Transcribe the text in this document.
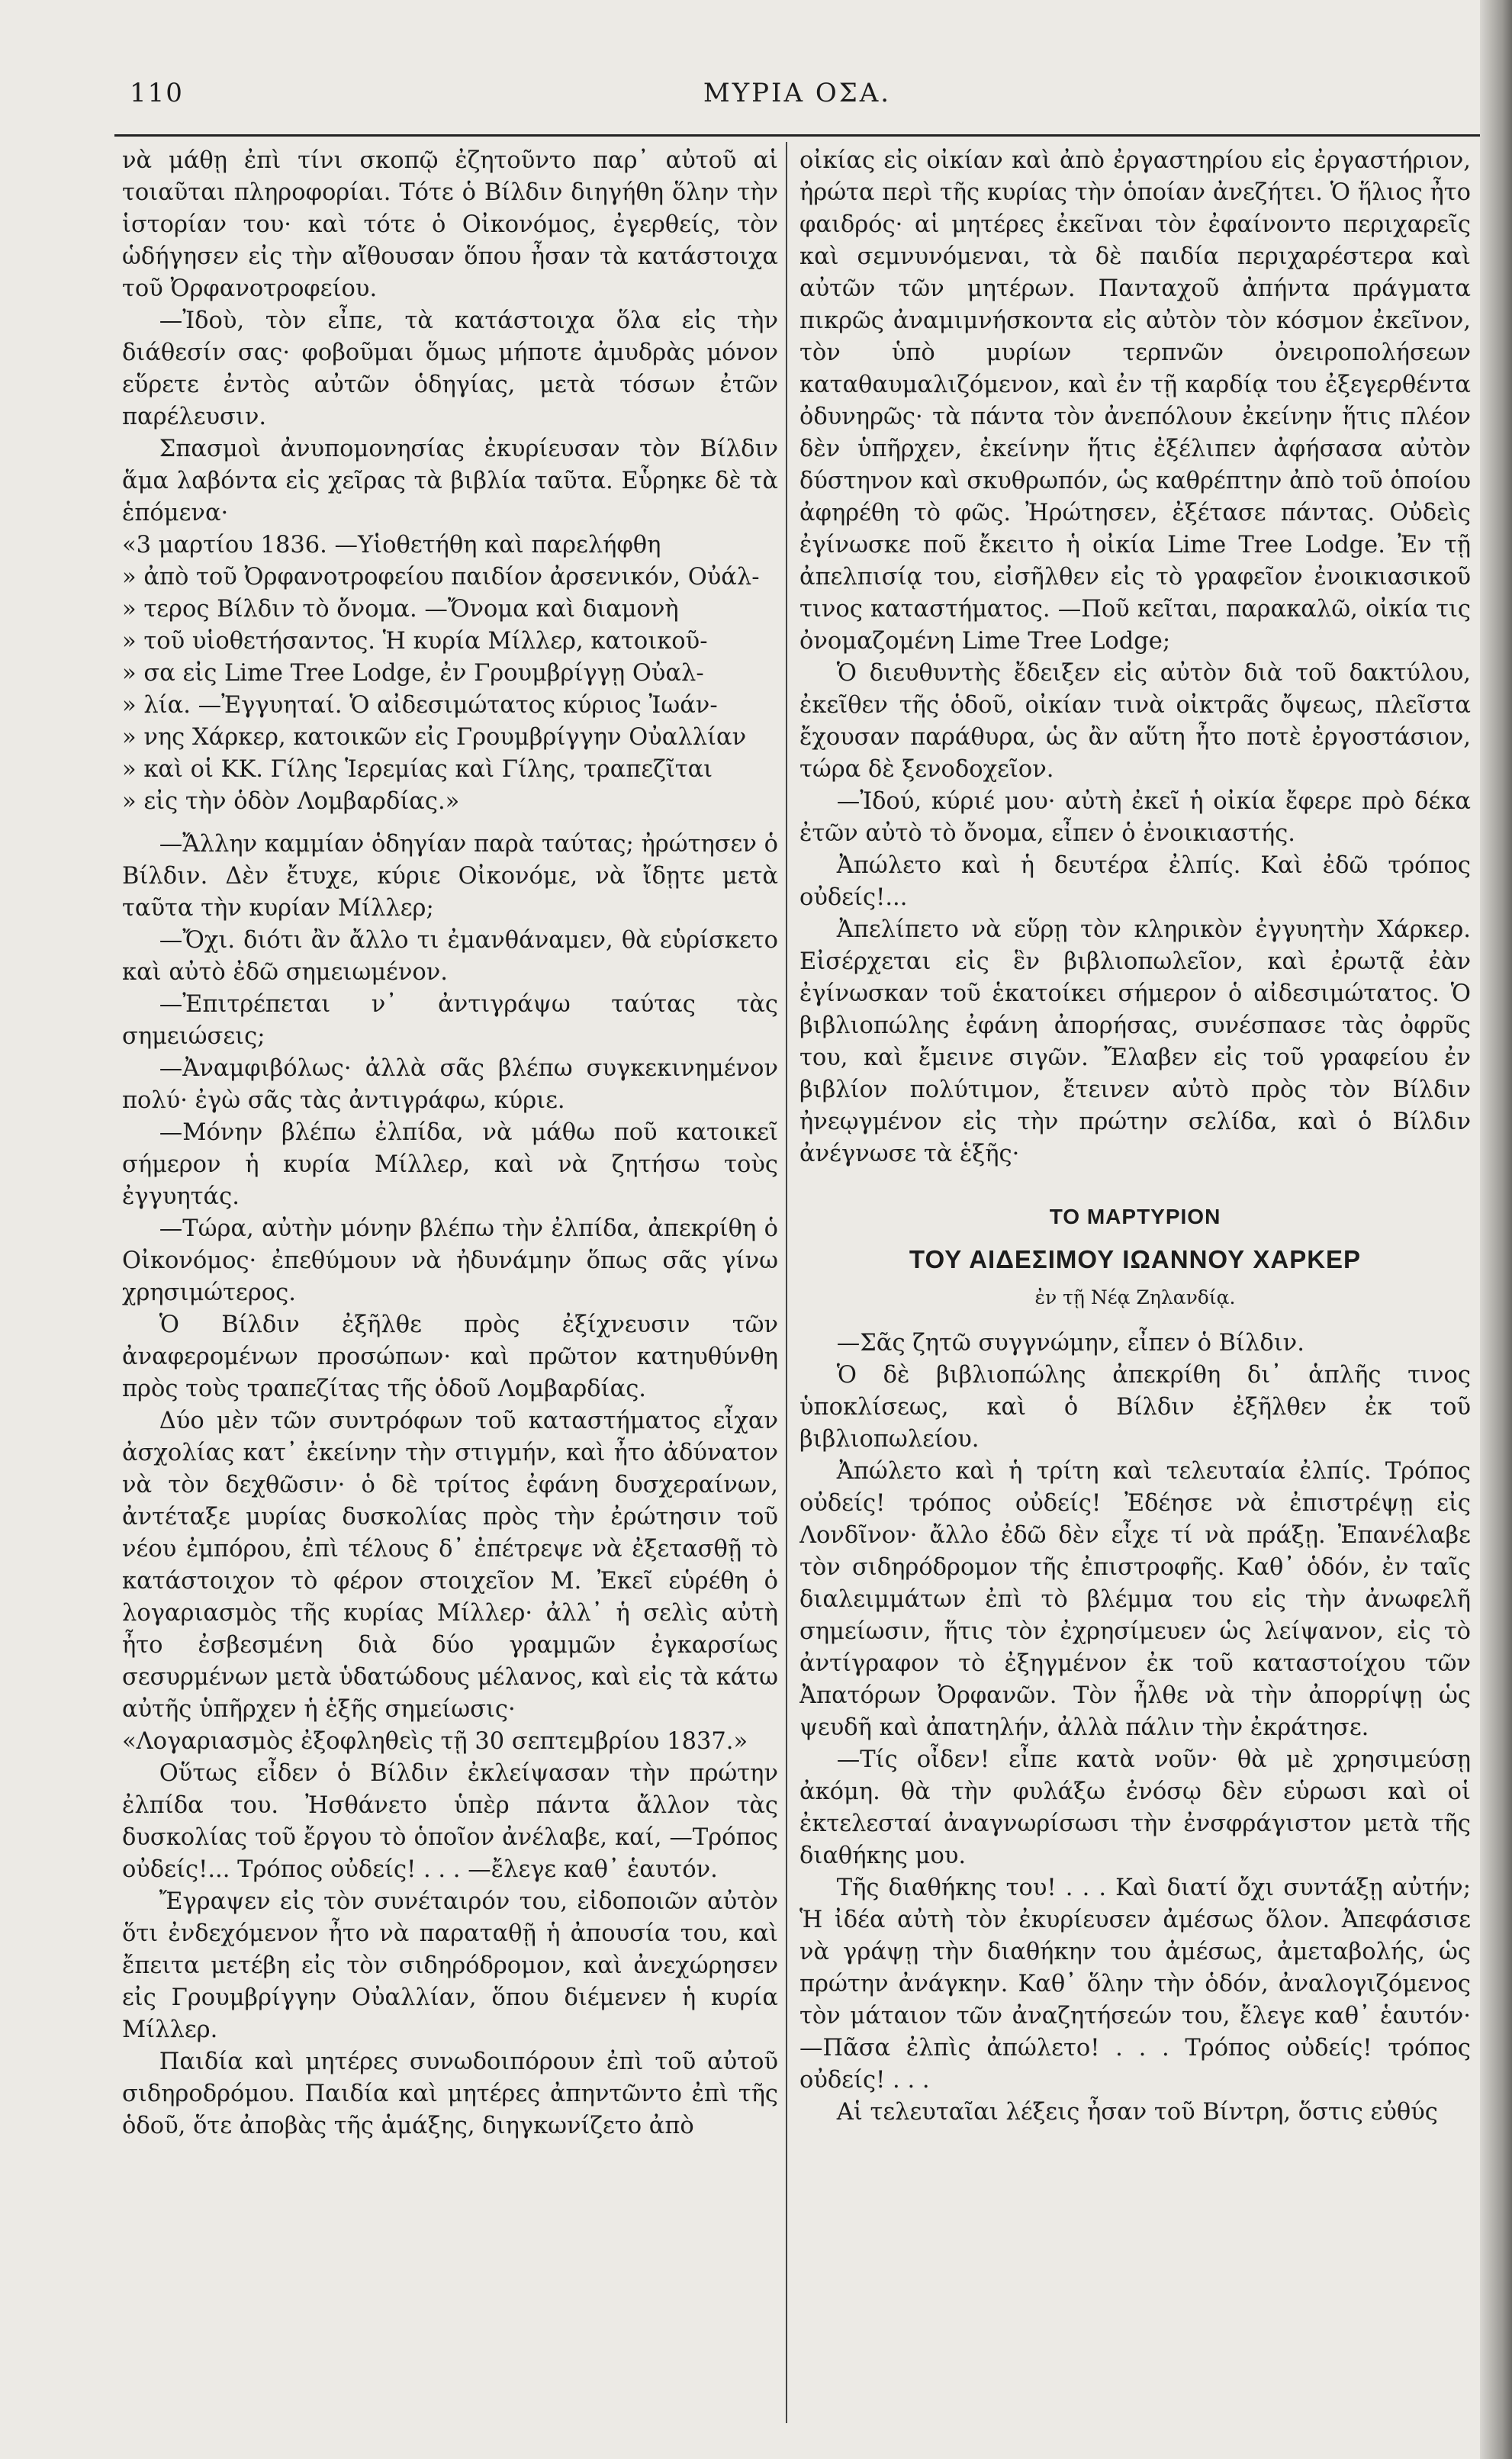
110	ΜΥΡΙΑ ΟΣΑ.

νὰ μάθῃ ἐπὶ τίνι σκοπῷ ἐζητοῦντο παρ᾽ αὐτοῦ αἱ τοιαῦται πληροφορίαι. Τότε ὁ Βίλδιν διηγήθη ὅλην τὴν ἱστορίαν του· καὶ τότε ὁ Οἰκονόμος, ἐγερθείς, τὸν ὡδήγησεν εἰς τὴν αἴθουσαν ὅπου ἦσαν τὰ κατάστοιχα τοῦ Ὀρφανοτροφείου.

—Ἰδοὺ, τὸν εἶπε, τὰ κατάστοιχα ὅλα εἰς τὴν διάθεσίν σας· φοβοῦμαι ὅμως μήποτε ἀμυδρὰς μόνον εὕρετε ἐντὸς αὐτῶν ὁδηγίας, μετὰ τόσων ἐτῶν παρέλευσιν.

Σπασμοὶ ἀνυπομονησίας ἐκυρίευσαν τὸν Βίλδιν ἅμα λαβόντα εἰς χεῖρας τὰ βιβλία ταῦτα. Εὗρηκε δὲ τὰ ἑπόμενα·

«3 μαρτίου 1836. —Υἱοθετήθη καὶ παρελήφθη
» ἀπὸ τοῦ Ὀρφανοτροφείου παιδίον ἀρσενικόν, Οὐάλ-
» τερος Βίλδιν τὸ ὄνομα. —Ὄνομα καὶ διαμονὴ
» τοῦ υἱοθετήσαντος. Ἡ κυρία Μίλλερ, κατοικοῦ-
» σα εἰς Lime Tree Lodge, ἐν Γρουμβρίγγῃ Οὐαλ-
» λία. —Ἐγγυηταί. Ὁ αἰδεσιμώτατος κύριος Ἰωάν-
» νης Χάρκερ, κατοικῶν εἰς Γρουμβρίγγην Οὐαλλίαν
» καὶ οἱ ΚΚ. Γίλης Ἱερεμίας καὶ Γίλης, τραπεζῖται
» εἰς τὴν ὁδὸν Λομβαρδίας.»

—Ἄλλην καμμίαν ὁδηγίαν παρὰ ταύτας; ἠρώτησεν ὁ Βίλδιν. Δὲν ἔτυχε, κύριε Οἰκονόμε, νὰ ἴδῃτε μετὰ ταῦτα τὴν κυρίαν Μίλλερ;

—Ὄχι. διότι ἂν ἄλλο τι ἐμανθάναμεν, θὰ εὑρίσκετο καὶ αὐτὸ ἐδῶ σημειωμένον.

—Ἐπιτρέπεται ν᾽ ἀντιγράψω ταύτας τὰς σημειώσεις;

—Ἀναμφιβόλως· ἀλλὰ σᾶς βλέπω συγκεκινημένον πολύ· ἐγὼ σᾶς τὰς ἀντιγράφω, κύριε.

—Μόνην βλέπω ἐλπίδα, νὰ μάθω ποῦ κατοικεῖ σήμερον ἡ κυρία Μίλλερ, καὶ νὰ ζητήσω τοὺς ἐγγυητάς.

—Τώρα, αὐτὴν μόνην βλέπω τὴν ἐλπίδα, ἀπεκρίθη ὁ Οἰκονόμος· ἐπεθύμουν νὰ ἠδυνάμην ὅπως σᾶς γίνω χρησιμώτερος.

Ὁ Βίλδιν ἐξῆλθε πρὸς ἐξίχνευσιν τῶν ἀναφερομένων προσώπων· καὶ πρῶτον κατηυθύνθη πρὸς τοὺς τραπεζίτας τῆς ὁδοῦ Λομβαρδίας.

Δύο μὲν τῶν συντρόφων τοῦ καταστήματος εἶχαν ἀσχολίας κατ᾽ ἐκείνην τὴν στιγμήν, καὶ ἦτο ἀδύνατον νὰ τὸν δεχθῶσιν· ὁ δὲ τρίτος ἐφάνη δυσχεραίνων, ἀντέταξε μυρίας δυσκολίας πρὸς τὴν ἐρώτησιν τοῦ νέου ἐμπόρου, ἐπὶ τέλους δ᾽ ἐπέτρεψε νὰ ἐξετασθῇ τὸ κατάστοιχον τὸ φέρον στοιχεῖον Μ. Ἐκεῖ εὑρέθη ὁ λογαριασμὸς τῆς κυρίας Μίλλερ· ἀλλ᾽ ἡ σελὶς αὐτὴ ἦτο ἐσβεσμένη διὰ δύο γραμμῶν ἐγκαρσίως σεσυρμένων μετὰ ὑδατώδους μέλανος, καὶ εἰς τὰ κάτω αὐτῆς ὑπῆρχεν ἡ ἑξῆς σημείωσις·

«Λογαριασμὸς ἐξοφληθεὶς τῇ 30 σεπτεμβρίου 1837.»

Οὕτως εἶδεν ὁ Βίλδιν ἐκλείψασαν τὴν πρώτην ἐλπίδα του. Ἠσθάνετο ὑπὲρ πάντα ἄλλον τὰς δυσκολίας τοῦ ἔργου τὸ ὁποῖον ἀνέλαβε, καί, —Τρόπος οὐδείς!... Τρόπος οὐδείς! . . . —ἔλεγε καθ᾽ ἑαυτόν.

Ἔγραψεν εἰς τὸν συνέταιρόν του, εἰδοποιῶν αὐτὸν ὅτι ἐνδεχόμενον ἦτο νὰ παραταθῇ ἡ ἀπουσία του, καὶ ἔπειτα μετέβη εἰς τὸν σιδηρόδρομον, καὶ ἀνεχώρησεν εἰς Γρουμβρίγγην Οὐαλλίαν, ὅπου διέμενεν ἡ κυρία Μίλλερ.

Παιδία καὶ μητέρες συνωδοιπόρουν ἐπὶ τοῦ αὐτοῦ σιδηροδρόμου. Παιδία καὶ μητέρες ἀπηντῶντο ἐπὶ τῆς ὁδοῦ, ὅτε ἀποβὰς τῆς ἁμάξης, διηγκωνίζετο ἀπὸ

οἰκίας εἰς οἰκίαν καὶ ἀπὸ ἐργαστηρίου εἰς ἐργαστήριον, ἠρώτα περὶ τῆς κυρίας τὴν ὁποίαν ἀνεζήτει. Ὁ ἥλιος ἦτο φαιδρός· αἱ μητέρες ἐκεῖναι τὸν ἐφαίνοντο περιχαρεῖς καὶ σεμνυνόμεναι, τὰ δὲ παιδία περιχαρέστερα καὶ αὐτῶν τῶν μητέρων. Πανταχοῦ ἀπήντα πράγματα πικρῶς ἀναμιμνήσκοντα εἰς αὐτὸν τὸν κόσμον ἐκεῖνον, τὸν ὑπὸ μυρίων τερπνῶν ὀνειροπολήσεων καταθαυμαλιζόμενον, καὶ ἐν τῇ καρδίᾳ του ἐξεγερθέντα ὀδυνηρῶς· τὰ πάντα τὸν ἀνεπόλουν ἐκείνην ἥτις πλέον δὲν ὑπῆρχεν, ἐκείνην ἥτις ἐξέλιπεν ἀφήσασα αὐτὸν δύστηνον καὶ σκυθρωπόν, ὡς καθρέπτην ἀπὸ τοῦ ὁποίου ἀφηρέθη τὸ φῶς. Ἠρώτησεν, ἐξέτασε πάντας. Οὐδεὶς ἐγίνωσκε ποῦ ἔκειτο ἡ οἰκία Lime Tree Lodge. Ἐν τῇ ἀπελπισίᾳ του, εἰσῆλθεν εἰς τὸ γραφεῖον ἐνοικιασικοῦ τινος καταστήματος. —Ποῦ κεῖται, παρακαλῶ, οἰκία τις ὀνομαζομένη Lime Tree Lodge;

Ὁ διευθυντὴς ἔδειξεν εἰς αὐτὸν διὰ τοῦ δακτύλου, ἐκεῖθεν τῆς ὁδοῦ, οἰκίαν τινὰ οἰκτρᾶς ὄψεως, πλεῖστα ἔχουσαν παράθυρα, ὡς ἂν αὕτη ἦτο ποτὲ ἐργοστάσιον, τώρα δὲ ξενοδοχεῖον.

—Ἰδού, κύριέ μου· αὐτὴ ἐκεῖ ἡ οἰκία ἔφερε πρὸ δέκα ἐτῶν αὐτὸ τὸ ὄνομα, εἶπεν ὁ ἐνοικιαστής.

Ἀπώλετο καὶ ἡ δευτέρα ἐλπίς. Καὶ ἐδῶ τρόπος οὐδείς!...

Ἀπελίπετο νὰ εὕρῃ τὸν κληρικὸν ἐγγυητὴν Χάρκερ. Εἰσέρχεται εἰς ἓν βιβλιοπωλεῖον, καὶ ἐρωτᾷ ἐὰν ἐγίνωσκαν τοῦ ἑκατοίκει σήμερον ὁ αἰδεσιμώτατος. Ὁ βιβλιοπώλης ἐφάνη ἀπορήσας, συνέσπασε τὰς ὀφρῦς του, καὶ ἔμεινε σιγῶν. Ἔλαβεν εἰς τοῦ γραφείου ἐν βιβλίον πολύτιμον, ἔτεινεν αὐτὸ πρὸς τὸν Βίλδιν ἠνεῳγμένον εἰς τὴν πρώτην σελίδα, καὶ ὁ Βίλδιν ἀνέγνωσε τὰ ἑξῆς·

ΤΟ ΜΑΡΤΥΡΙΟΝ
ΤΟΥ ΑΙΔΕΣΙΜΟΥ ΙΩΑΝΝΟΥ ΧΑΡΚΕΡ
ἐν τῇ Νέᾳ Ζηλανδίᾳ.

—Σᾶς ζητῶ συγγνώμην, εἶπεν ὁ Βίλδιν.

Ὁ δὲ βιβλιοπώλης ἀπεκρίθη δι᾽ ἁπλῆς τινος ὑποκλίσεως, καὶ ὁ Βίλδιν ἐξῆλθεν ἐκ τοῦ βιβλιοπωλείου.

Ἀπώλετο καὶ ἡ τρίτη καὶ τελευταία ἐλπίς. Τρόπος οὐδείς! τρόπος οὐδείς! Ἐδέησε νὰ ἐπιστρέψῃ εἰς Λονδῖνον· ἄλλο ἐδῶ δὲν εἶχε τί νὰ πράξῃ. Ἐπανέλαβε τὸν σιδηρόδρομον τῆς ἐπιστροφῆς. Καθ᾽ ὁδόν, ἐν ταῖς διαλειμμάτων ἐπὶ τὸ βλέμμα του εἰς τὴν ἀνωφελῆ σημείωσιν, ἥτις τὸν ἐχρησίμευεν ὡς λείψανον, εἰς τὸ ἀντίγραφον τὸ ἐξηγμένον ἐκ τοῦ καταστοίχου τῶν Ἀπατόρων Ὀρφανῶν. Τὸν ἦλθε νὰ τὴν ἀπορρίψῃ ὡς ψευδῆ καὶ ἀπατηλήν, ἀλλὰ πάλιν τὴν ἐκράτησε.

—Τίς οἶδεν! εἶπε κατὰ νοῦν· θὰ μὲ χρησιμεύσῃ ἀκόμη. θὰ τὴν φυλάξω ἐνόσῳ δὲν εὑρωσι καὶ οἱ ἐκτελεσταί ἀναγνωρίσωσι τὴν ἐνσφράγιστον μετὰ τῆς διαθήκης μου.

Τῆς διαθήκης του! . . . Καὶ διατί ὄχι συντάξῃ αὐτήν; Ἡ ἰδέα αὐτὴ τὸν ἐκυρίευσεν ἀμέσως ὅλον. Ἀπεφάσισε νὰ γράψῃ τὴν διαθήκην του ἀμέσως, ἀμεταβολής, ὡς πρώτην ἀνάγκην. Καθ᾽ ὅλην τὴν ὁδόν, ἀναλογιζόμενος τὸν μάταιον τῶν ἀναζητήσεών του, ἔλεγε καθ᾽ ἑαυτόν· —Πᾶσα ἐλπὶς ἀπώλετο! . . . Τρόπος οὐδείς! τρόπος οὐδείς! . . .

Αἱ τελευταῖαι λέξεις ἦσαν τοῦ Βίντρη, ὅστις εὐθύς
